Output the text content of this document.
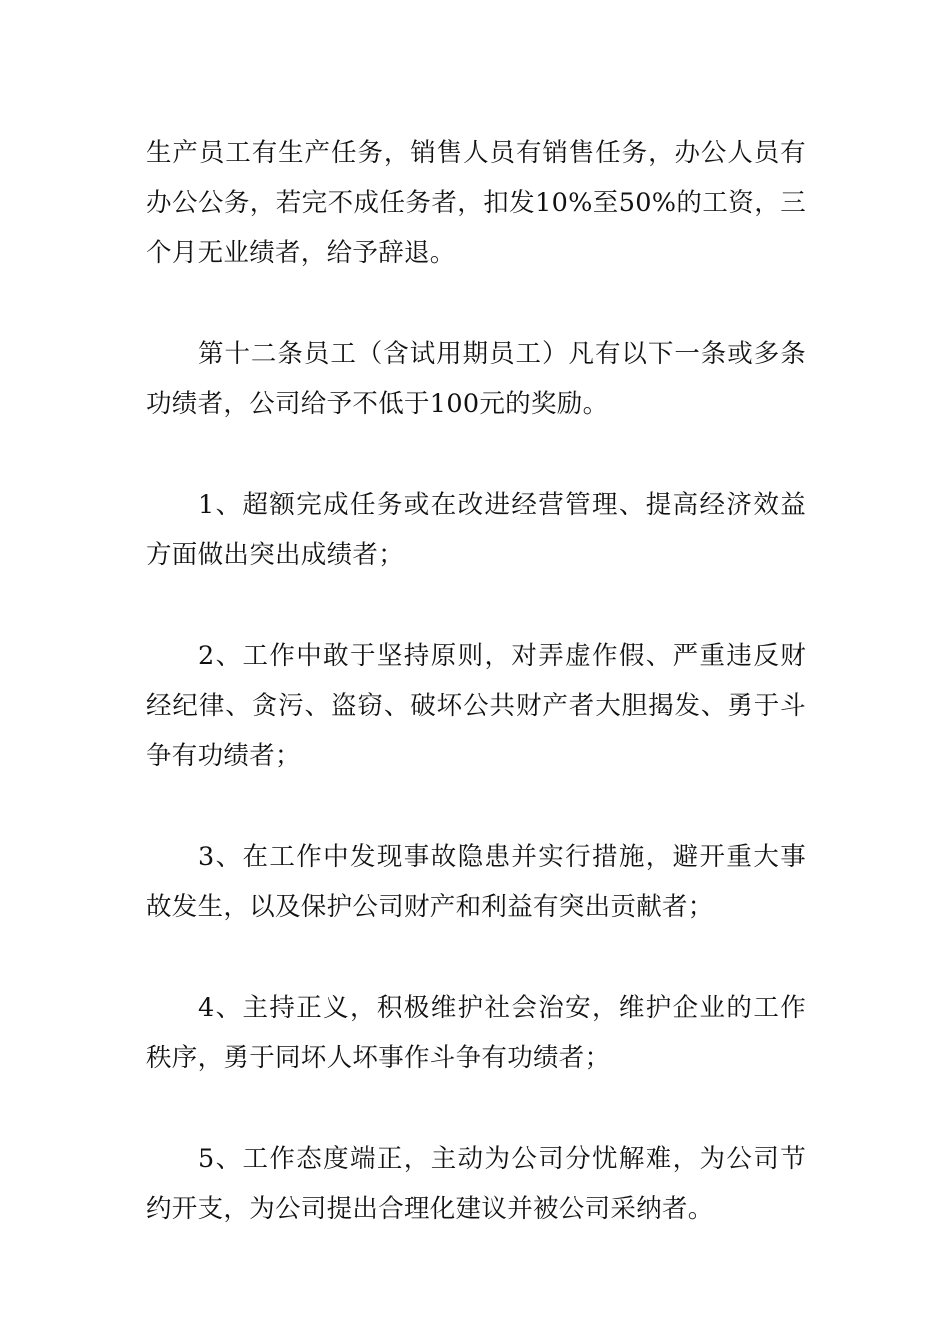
生产员工有生产任务，销售人员有销售任务，办公人员有办公公务，若完不成任务者，扣发10%至50%的工资，三个月无业绩者，给予辞退。

第十二条员工（含试用期员工）凡有以下一条或多条功绩者，公司给予不低于100元的奖励。

1、超额完成任务或在改进经营管理、提高经济效益方面做出突出成绩者；

2、工作中敢于坚持原则，对弄虚作假、严重违反财经纪律、贪污、盗窃、破坏公共财产者大胆揭发、勇于斗争有功绩者；

3、在工作中发现事故隐患并实行措施，避开重大事故发生，以及保护公司财产和利益有突出贡献者；

4、主持正义，积极维护社会治安，维护企业的工作秩序，勇于同坏人坏事作斗争有功绩者；

5、工作态度端正，主动为公司分忧解难，为公司节约开支，为公司提出合理化建议并被公司采纳者。
